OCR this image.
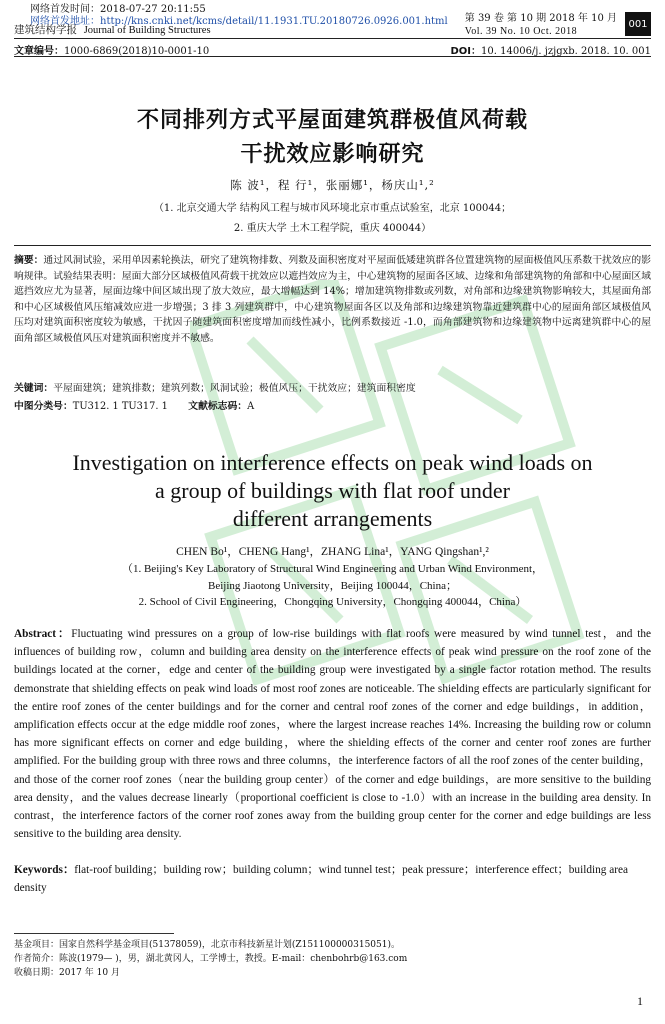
网络首发时间：2018-07-27 20:11:55
网络首发地址：http://kns.cnki.net/kcms/detail/11.1931.TU.20180726.0926.001.html
建筑结构学报 Journal of Building Structures
第 39 卷 第 10 期 2018 年 10 月
Vol. 39 No. 10 Oct. 2018
001
文章编号：1000-6869(2018)10-0001-10	DOI：10. 14006/j. jzjgxb. 2018. 10. 001
不同排列方式平屋面建筑群极值风荷载
干扰效应影响研究
陈 波¹，程 行¹，张丽娜¹，杨庆山¹,²
（1. 北京交通大学 结构风工程与城市风环境北京市重点试验室，北京 100044；
2. 重庆大学 土木工程学院，重庆 400044）
摘要：通过风洞试验，采用单因素轮换法，研究了建筑物排数、列数及面积密度对平屋面低矮建筑群各位置建筑物的屋面极值风压系数干扰效应的影响规律。试验结果表明：屋面大部分区域极值风荷载干扰效应以遮挡效应为主，中心建筑物的屋面各区域、边缘和角部建筑物的角部和中心屋面区域遮挡效应尤为显著，屋面边缘中间区域出现了放大效应，最大增幅达到 14%；增加建筑物排数或列数，对角部和边缘建筑物影响较大，其屋面角部和中心区域极值风压缩减效应进一步增强；3 排 3 列建筑群中，中心建筑物屋面各区以及角部和边缘建筑物靠近建筑群中心的屋面角部区域极值风压均对建筑面积密度较为敏感，干扰因子随建筑面积密度增加而线性减小，比例系数接近 -1.0，而角部建筑物和边缘建筑物中远离建筑群中心的屋面角部区域极值风压对建筑面积密度并不敏感。
关键词：平屋面建筑；建筑排数；建筑列数；风洞试验；极值风压；干扰效应；建筑面积密度
中图分类号：TU312. 1 TU317. 1 文献标志码：A
Investigation on interference effects on peak wind loads on
a group of buildings with flat roof under
different arrangements
CHEN Bo¹，CHENG Hang¹，ZHANG Lina¹，YANG Qingshan¹,²
（1. Beijing's Key Laboratory of Structural Wind Engineering and Urban Wind Environment，
Beijing Jiaotong University，Beijing 100044，China；
2. School of Civil Engineering，Chongqing University，Chongqing 400044，China）
Abstract：Fluctuating wind pressures on a group of low-rise buildings with flat roofs were measured by wind tunnel test，and the influences of building row，column and building area density on the interference effects of peak wind pressure on the roof zone of the buildings located at the corner，edge and center of the building group were investigated by a single factor rotation method. The results demonstrate that shielding effects on peak wind loads of most roof zones are noticeable. The shielding effects are particularly significant for the entire roof zones of the center buildings and for the corner and central roof zones of the corner and edge buildings，in addition，amplification effects occur at the edge middle roof zones，where the largest increase reaches 14%. Increasing the building row or column has more significant effects on corner and edge building，where the shielding effects of the corner and center roof zones are further amplified. For the building group with three rows and three columns，the interference factors of all the roof zones of the center building，and those of the corner roof zones（near the building group center）of the corner and edge buildings，are more sensitive to the building area density，and the values decrease linearly（proportional coefficient is close to -1.0）with an increase in the building area density. In contrast，the interference factors of the corner roof zones away from the building group center for the corner and edge buildings are less sensitive to the building area density.
Keywords：flat-roof building；building row；building column；wind tunnel test；peak pressure；interference effect；building area density
基金项目：国家自然科学基金项目(51378059)，北京市科技新星计划(Z151100000315051)。
作者简介：陈波(1979— )，男，湖北黄冈人，工学博士，教授。E-mail：chenbohrb@163.com
收稿日期：2017 年 10 月
1
